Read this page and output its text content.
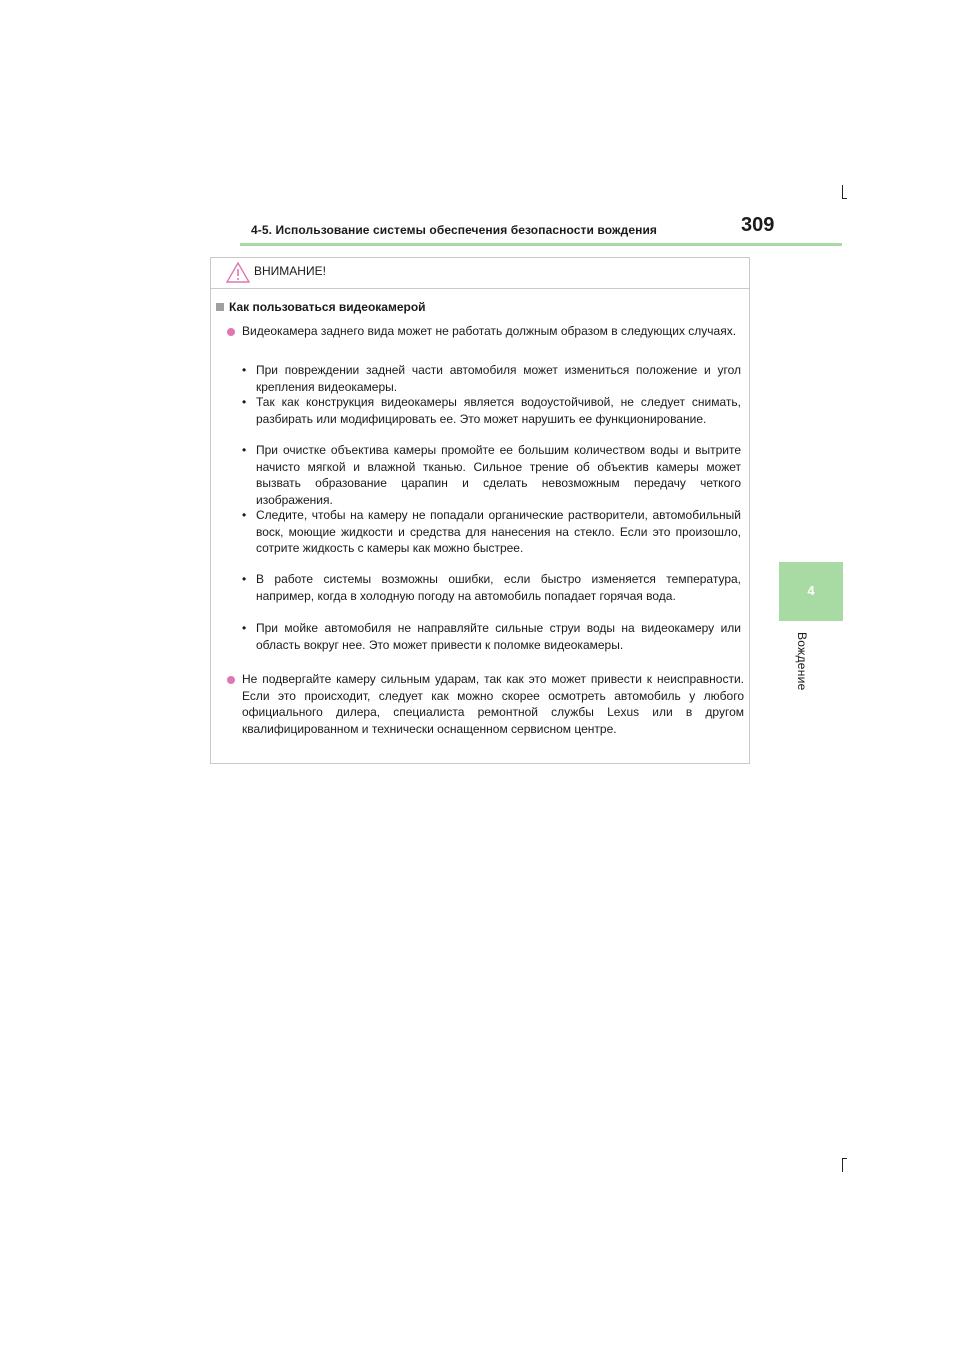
4-5. Использование системы обеспечения безопасности вождения	309
4
Вождение
ВНИМАНИЕ!
Как пользоваться видеокамерой
Видеокамера заднего вида может не работать должным образом в следующих случаях.
• При повреждении задней части автомобиля может измениться положение и угол крепления видеокамеры.
• Так как конструкция видеокамеры является водоустойчивой, не следует снимать, разбирать или модифицировать ее. Это может нарушить ее функционирование.
• При очистке объектива камеры промойте ее большим количеством воды и вытрите начисто мягкой и влажной тканью. Сильное трение об объектив камеры может вызвать образование царапин и сделать невозможным передачу четкого изображения.
• Следите, чтобы на камеру не попадали органические растворители, автомобильный воск, моющие жидкости и средства для нанесения на стекло. Если это произошло, сотрите жидкость с камеры как можно быстрее.
• В работе системы возможны ошибки, если быстро изменяется температура, например, когда в холодную погоду на автомобиль попадает горячая вода.
• При мойке автомобиля не направляйте сильные струи воды на видеокамеру или область вокруг нее. Это может привести к поломке видеокамеры.
Не подвергайте камеру сильным ударам, так как это может привести к неисправности. Если это происходит, следует как можно скорее осмотреть автомобиль у любого официального дилера, специалиста ремонтной службы Lexus или в другом квалифицированном и технически оснащенном сервисном центре.
